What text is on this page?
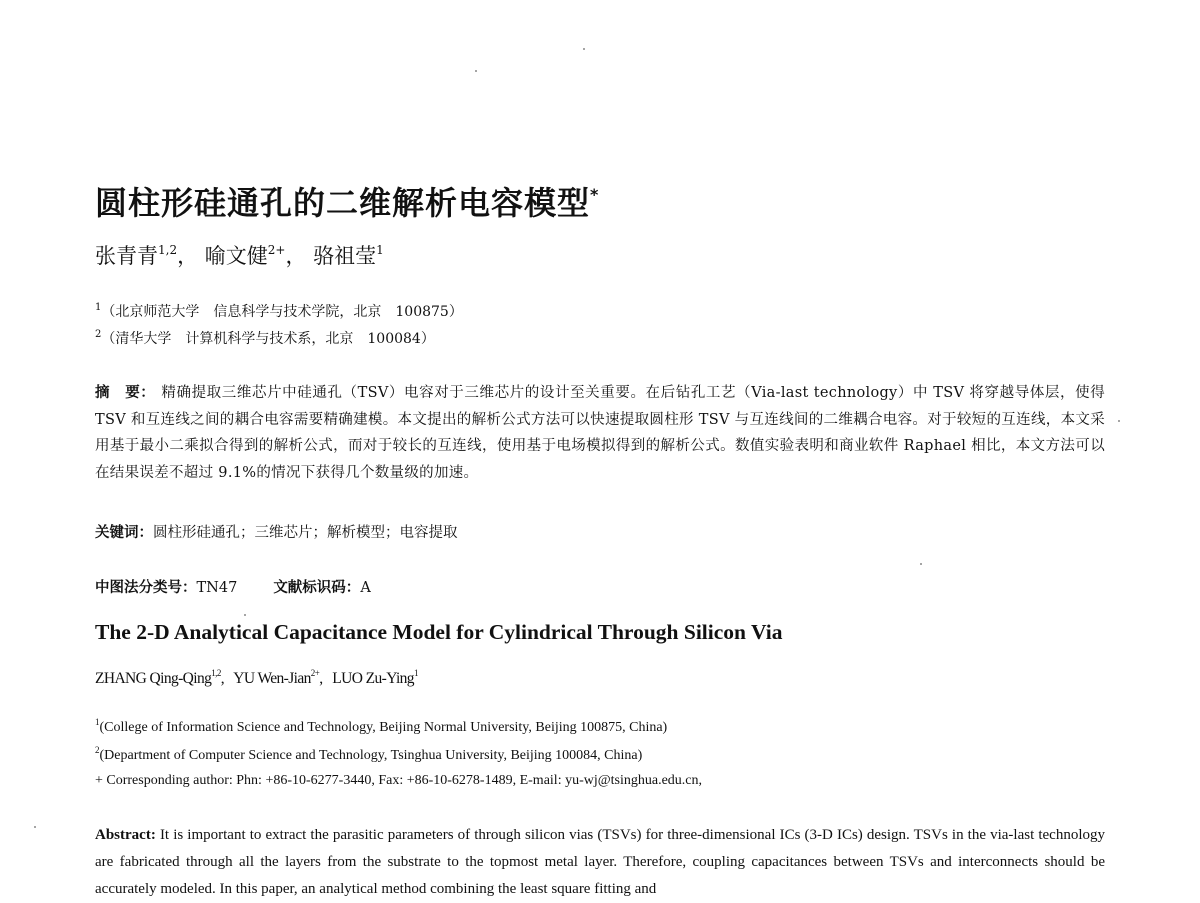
圆柱形硅通孔的二维解析电容模型*
张青青$^{1,2}$， 喻文健$^{2+}$， 骆祖莹$^1$
$^1$（北京师范大学　信息科学与技术学院，北京　100875）
$^2$（清华大学　计算机科学与技术系，北京　100084）
摘　要： 精确提取三维芯片中硅通孔（TSV）电容对于三维芯片的设计至关重要。在后钻孔工艺（Via-last technology）中 TSV 将穿越导体层，使得 TSV 和互连线之间的耦合电容需要精确建模。本文提出的解析公式方法可以快速提取圆柱形 TSV 与互连线间的二维耦合电容。对于较短的互连线，本文采用基于最小二乘拟合得到的解析公式，而对于较长的互连线，使用基于电场模拟得到的解析公式。数值实验表明和商业软件 Raphael 相比，本文方法可以在结果误差不超过 9.1%的情况下获得几个数量级的加速。
关键词：圆柱形硅通孔；三维芯片；解析模型；电容提取
中图法分类号：TN47 文献标识码：A
The 2-D Analytical Capacitance Model for Cylindrical Through Silicon Via
ZHANG Qing-Qing$^{1,2}$, YU Wen-Jian$^{2+}$, LUO Zu-Ying$^1$
$^1$(College of Information Science and Technology, Beijing Normal University, Beijing 100875, China)
$^2$(Department of Computer Science and Technology, Tsinghua University, Beijing 100084, China)
+ Corresponding author: Phn: +86-10-6277-3440, Fax: +86-10-6278-1489, E-mail: yu-wj@tsinghua.edu.cn,
Abstract: It is important to extract the parasitic parameters of through silicon vias (TSVs) for three-dimensional ICs (3-D ICs) design. TSVs in the via-last technology are fabricated through all the layers from the substrate to the topmost metal layer. Therefore, coupling capacitances between TSVs and interconnects should be accurately modeled. In this paper, an analytical method combining the least square fitting and
